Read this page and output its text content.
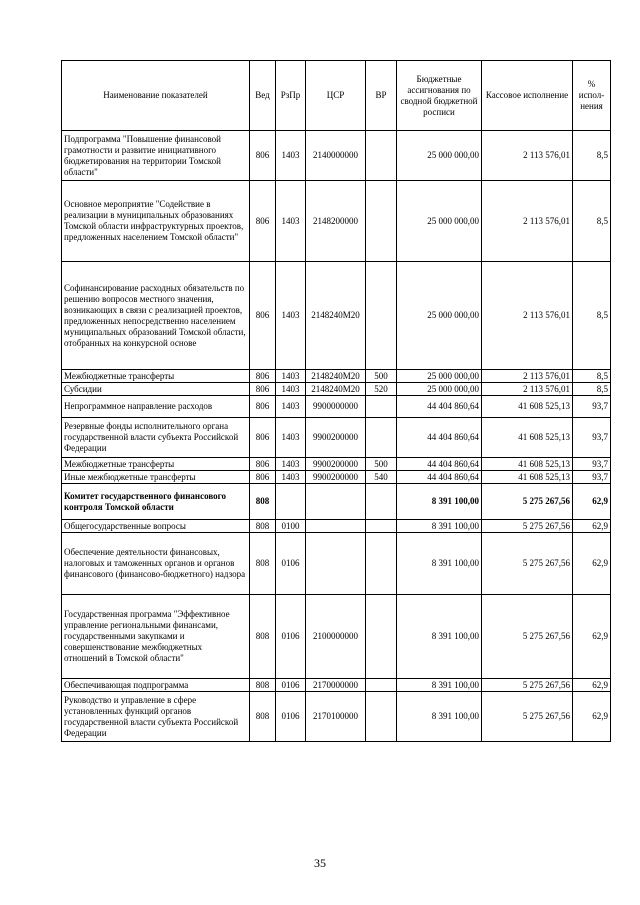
Наименование показателей	Вед	РзПр	ЦСР	ВР	Бюджетные ассигнования по сводной бюджетной росписи	Кассовое исполнение	% испол-нения
Подпрограмма "Повышение финансовой грамотности и развитие инициативного бюджетирования на территории Томской области"	806	1403	2140000000		25 000 000,00	2 113 576,01	8,5
Основное мероприятие "Содействие в реализации в муниципальных образованиях Томской области инфраструктурных проектов, предложенных населением Томской области"	806	1403	2148200000		25 000 000,00	2 113 576,01	8,5
Софинансирование расходных обязательств по решению вопросов местного значения, возникающих в связи с реализацией проектов, предложенных непосредственно населением муниципальных образований Томской области, отобранных на конкурсной основе	806	1403	2148240М20		25 000 000,00	2 113 576,01	8,5
Межбюджетные трансферты	806	1403	2148240М20	500	25 000 000,00	2 113 576,01	8,5
Субсидии	806	1403	2148240М20	520	25 000 000,00	2 113 576,01	8,5
Непрограммное направление расходов	806	1403	9900000000		44 404 860,64	41 608 525,13	93,7
Резервные фонды исполнительного органа государственной власти субъекта Российской Федерации	806	1403	9900200000		44 404 860,64	41 608 525,13	93,7
Межбюджетные трансферты	806	1403	9900200000	500	44 404 860,64	41 608 525,13	93,7
Иные межбюджетные трансферты	806	1403	9900200000	540	44 404 860,64	41 608 525,13	93,7
Комитет государственного финансового контроля Томской области	808				8 391 100,00	5 275 267,56	62,9
Общегосударственные вопросы	808	0100			8 391 100,00	5 275 267,56	62,9
Обеспечение деятельности финансовых, налоговых и таможенных органов и органов финансового (финансово-бюджетного) надзора	808	0106			8 391 100,00	5 275 267,56	62,9
Государственная программа "Эффективное управление региональными финансами, государственными закупками и совершенствование межбюджетных отношений в Томской области"	808	0106	2100000000		8 391 100,00	5 275 267,56	62,9
Обеспечивающая подпрограмма	808	0106	2170000000		8 391 100,00	5 275 267,56	62,9
Руководство и управление в сфере установленных функций органов государственной власти субъекта Российской Федерации	808	0106	2170100000		8 391 100,00	5 275 267,56	62,9
35
